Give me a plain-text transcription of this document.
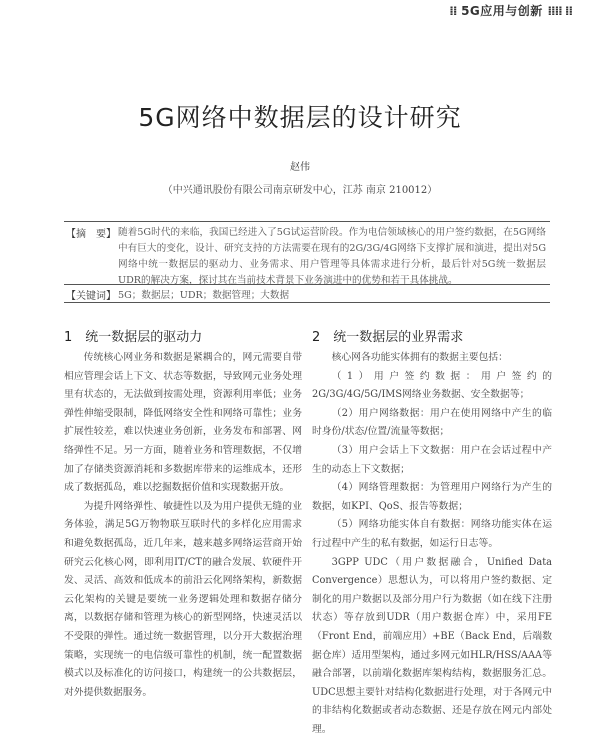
⁞⁞ 5G应用与创新 ⁞⁞⁞⁞ ⁞⁞
5G网络中数据层的设计研究
赵伟
（中兴通讯股份有限公司南京研发中心，江苏 南京 210012）
【摘　要】 随着5G时代的来临，我国已经进入了5G试运营阶段。作为电信领域核心的用户签约数据，在5G网络中有巨大的变化，设计、研究支持的方法需要在现有的2G/3G/4G网络下支撑扩展和演进，提出对5G网络中统一数据层的驱动力、业务需求、用户管理等具体需求进行分析，最后针对5G统一数据层UDR的解决方案，探讨其在当前技术背景下业务演进中的优势和若干具体挑战。
【关键词】 5G；数据层；UDR；数据管理；大数据
1　统一数据层的驱动力	2　统一数据层的业界需求

传统核心网业务和数据是紧耦合的，网元需要自带相应管理会话上下文、状态等数据，导致网元业务处理里有状态的，无法做到按需处理，资源利用率低；业务弹性伸缩受限制，降低网络安全性和网络可靠性；业务扩展性较差，难以快速业务创新，业务发布和部署、网络弹性不足。另一方面，随着业务和管理数据，不仅增加了存储类资源消耗和多数据库带来的运维成本，还形成了数据孤岛，难以挖掘数据价值和实现数据开放。

为提升网络弹性、敏捷性以及为用户提供无缝的业务体验，满足5G万物物联互联时代的多样化应用需求和避免数据孤岛，近几年来，越来越多网络运营商开始研究云化核心网，即利用IT/CT的融合发展、软硬件开发、灵活、高效和低成本的前沿云化网络架构，新数据云化架构的关键是要统一业务逻辑处理和数据存储分离，以数据存储和管理为核心的新型网络，快速灵活以不受限的弹性。通过统一数据管理，以分开大数据治理策略，实现统一的电信级可靠性的机制，统一配置数据模式以及标准化的访问接口，构建统一的公共数据层，对外提供数据服务。

核心网各功能实体拥有的数据主要包括：

（1）用户签约数据：用户签约的2G/3G/4G/5G/IMS网络业务数据、安全数据等；

（2）用户网络数据：用户在使用网络中产生的临时身份/状态/位置/流量等数据；

（3）用户会话上下文数据：用户在会话过程中产生的动态上下文数据；

（4）网络管理数据：为管理用户网络行为产生的数据，如KPI、QoS、报告等数据；

（5）网络功能实体自有数据：网络功能实体在运行过程中产生的私有数据，如运行日志等。

3GPP UDC（用户数据融合，Unified Data Convergence）思想认为，可以将用户签约数据、定制化的用户数据以及部分用户行为数据（如在线下注册状态）等存放到UDR（用户数据仓库）中，采用FE（Front End，前端应用）+BE（Back End，后端数据仓库）适用型架构，通过多网元如HLR/HSS/AAA等融合部署，以前端化数据库架构结构，数据服务汇总。UDC思想主要针对结构化数据进行处理，对于各网元中的非结构化数据或者动态数据、还是存放在网元内部处理。
